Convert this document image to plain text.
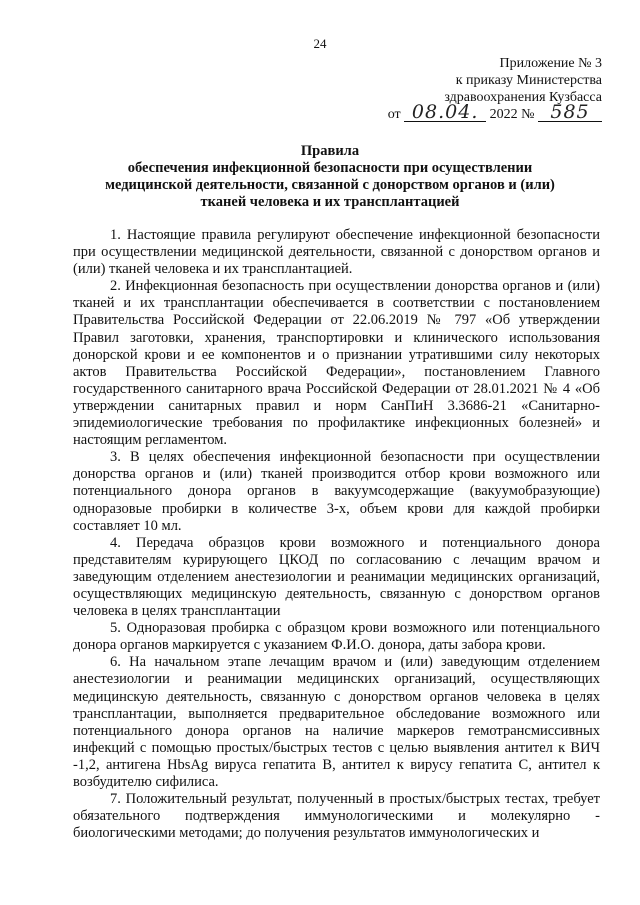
24
Приложение № 3
к приказу Министерства
здравоохранения Кузбасса
от 08.04. 2022 № 585
Правила
обеспечения инфекционной безопасности при осуществлении
медицинской деятельности, связанной с донорством органов и (или)
тканей человека и их трансплантацией

1. Настоящие правила регулируют обеспечение инфекционной безопасности при осуществлении медицинской деятельности, связанной с донорством органов и (или) тканей человека и их трансплантацией.

2. Инфекционная безопасность при осуществлении донорства органов и (или) тканей и их трансплантации обеспечивается в соответствии с постановлением Правительства Российской Федерации от 22.06.2019 № 797 «Об утверждении Правил заготовки, хранения, транспортировки и клинического использования донорской крови и ее компонентов и о признании утратившими силу некоторых актов Правительства Российской Федерации», постановлением Главного государственного санитарного врача Российской Федерации от 28.01.2021 № 4 «Об утверждении санитарных правил и норм СанПиН 3.3686-21 «Санитарно-эпидемиологические требования по профилактике инфекционных болезней» и настоящим регламентом.

3. В целях обеспечения инфекционной безопасности при осуществлении донорства органов и (или) тканей производится отбор крови возможного или потенциального донора органов в вакуумсодержащие (вакуумобразующие) одноразовые пробирки в количестве 3-х, объем крови для каждой пробирки составляет 10 мл.

4. Передача образцов крови возможного и потенциального донора представителям курирующего ЦКОД по согласованию с лечащим врачом и заведующим отделением анестезиологии и реанимации медицинских организаций, осуществляющих медицинскую деятельность, связанную с донорством органов человека в целях трансплантации

5. Одноразовая пробирка с образцом крови возможного или потенциального донора органов маркируется с указанием Ф.И.О. донора, даты забора крови.

6. На начальном этапе лечащим врачом и (или) заведующим отделением анестезиологии и реанимации медицинских организаций, осуществляющих медицинскую деятельность, связанную с донорством органов человека в целях трансплантации, выполняется предварительное обследование возможного или потенциального донора органов на наличие маркеров гемотрансмиссивных инфекций с помощью простых/быстрых тестов с целью выявления антител к ВИЧ -1,2, антигена HbsAg вируса гепатита В, антител к вирусу гепатита С, антител к возбудителю сифилиса.

7. Положительный результат, полученный в простых/быстрых тестах, требует обязательного подтверждения иммунологическими и молекулярно - биологическими методами; до получения результатов иммунологических и
